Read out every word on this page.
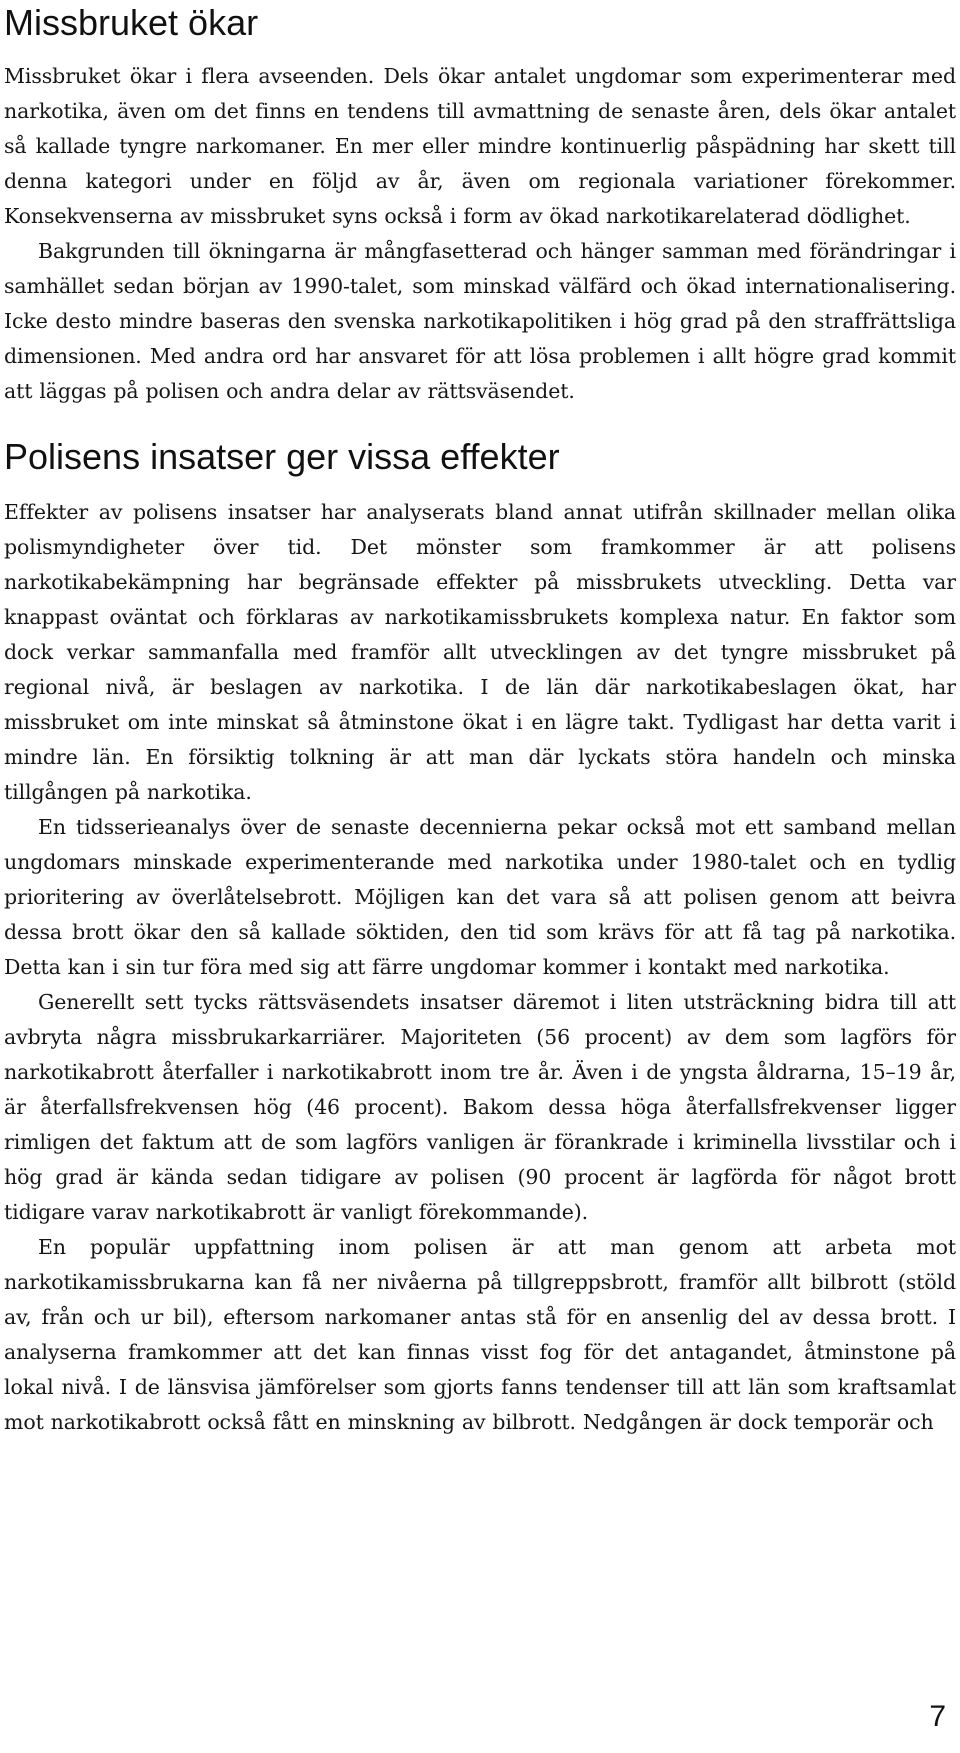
Missbruket ökar

Missbruket ökar i flera avseenden. Dels ökar antalet ungdomar som experimenterar med narkotika, även om det finns en tendens till avmattning de senaste åren, dels ökar antalet så kallade tyngre narkomaner. En mer eller mindre kontinuerlig påspädning har skett till denna kategori under en följd av år, även om regionala variationer förekommer. Konsekvenserna av missbruket syns också i form av ökad narkotikarelaterad dödlighet.

Bakgrunden till ökningarna är mångfasetterad och hänger samman med förändringar i samhället sedan början av 1990-talet, som minskad välfärd och ökad internationalisering. Icke desto mindre baseras den svenska narkotikapolitiken i hög grad på den straffrättsliga dimensionen. Med andra ord har ansvaret för att lösa problemen i allt högre grad kommit att läggas på polisen och andra delar av rättsväsendet.

Polisens insatser ger vissa effekter

Effekter av polisens insatser har analyserats bland annat utifrån skillnader mellan olika polismyndigheter över tid. Det mönster som framkommer är att polisens narkotikabekämpning har begränsade effekter på missbrukets utveckling. Detta var knappast oväntat och förklaras av narkotikamissbrukets komplexa natur. En faktor som dock verkar sammanfalla med framför allt utvecklingen av det tyngre missbruket på regional nivå, är beslagen av narkotika. I de län där narkotikabeslagen ökat, har missbruket om inte minskat så åtminstone ökat i en lägre takt. Tydligast har detta varit i mindre län. En försiktig tolkning är att man där lyckats störa handeln och minska tillgången på narkotika.

En tidsserieanalys över de senaste decennierna pekar också mot ett samband mellan ungdomars minskade experimenterande med narkotika under 1980-talet och en tydlig prioritering av överlåtelsebrott. Möjligen kan det vara så att polisen genom att beivra dessa brott ökar den så kallade söktiden, den tid som krävs för att få tag på narkotika. Detta kan i sin tur föra med sig att färre ungdomar kommer i kontakt med narkotika.

Generellt sett tycks rättsväsendets insatser däremot i liten utsträckning bidra till att avbryta några missbrukarkarriärer. Majoriteten (56 procent) av dem som lagförs för narkotikabrott återfaller i narkotikabrott inom tre år. Även i de yngsta åldrarna, 15–19 år, är återfallsfrekvensen hög (46 procent). Bakom dessa höga återfallsfrekvenser ligger rimligen det faktum att de som lagförs vanligen är förankrade i kriminella livsstilar och i hög grad är kända sedan tidigare av polisen (90 procent är lagförda för något brott tidigare varav narkotikabrott är vanligt förekommande).

En populär uppfattning inom polisen är att man genom att arbeta mot narkotikamissbrukarna kan få ner nivåerna på tillgreppsbrott, framför allt bilbrott (stöld av, från och ur bil), eftersom narkomaner antas stå för en ansenlig del av dessa brott. I analyserna framkommer att det kan finnas visst fog för det antagandet, åtminstone på lokal nivå. I de länsvisa jämförelser som gjorts fanns tendenser till att län som kraftsamlat mot narkotikabrott också fått en minskning av bilbrott. Nedgången är dock temporär och

7
